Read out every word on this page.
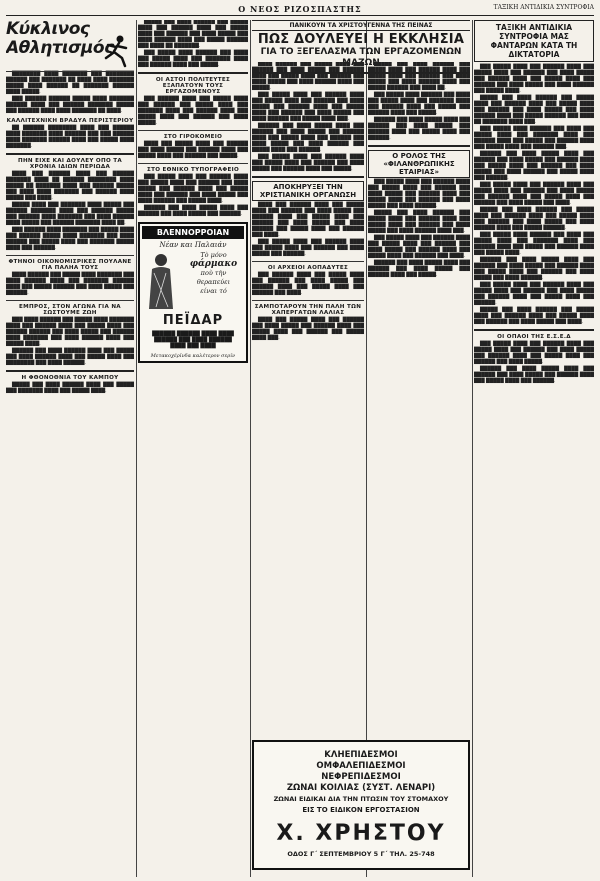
Ο ΝΕΟΣ ΡΙΖΟΣΠΑΣΤΗΣ	ΤΑΞΙΚΗ ΑΝΤΙΔΙΚΙΑ ΣΥΝΤΡΟΦΙΑ
Κύκλινος Αθλητισμός

████████ ████ ███████ ███ ████████ ██████ ███ ███████ ██ ████ ████ ███████ █████ ████ ██████ ██ ███████ ██████ ████ █████.

███ ██████ ██████ █████ ████ ███████ ██████ ████ ███ ██████ ███████ █████ ███ ██████ ████ ████ ███████ ██ ████.

ΚΑΛΛΙΤΕΧΝΙΚΗ ΒΡΑΔΥΑ ΠΕΡΙΣΤΕΡΙΟΥ

██ ██████ ████████ ████ ███ ██████ ████ ███████ ████ ██████ ███ ███ ██████ ████ ███████ ██████ ████ ███ █████ ████ ███████.

ΠΗΝ ΕΙΧΕ ΚΑΙ ΔΟΥΛΕΥ ΟΠΟ ΤΑ ΧΡΟΝΙΑ ΙΔΙΩΝ ΠΕΡΙΩΔΑ

████ ███ ██████ ████ ███ ██████ ███████ ████ ██ ██████ ████████ ████ █████ ██ ███████ ████ ███ ██████ █████ ███ ████ ████ ███████ ███ ██████ ████ █████ ███ ████.

█████ ████ ███ ███████ ████ █████ ███ ██████ ███████ ████ ███ ██████ █████ ███ ██████ ████ ███████ ███ ████ ██████ ████ █████ ███ ██████ ███████ ████ ██.

███ ██████ ████ ███████ ███ █████ ████ ███ ██████ █████ ████ ███████ ███ ████ ██████ ███ █████ ████ ███ ███████ █████ ████ ███ ██████.

ΦΤΗΝΟΙ ΟΙΚΟΝΟΜΙΣΡΙΚΕΣ ΠΟΥΛΑΝΕ ΓΙΑ ΠΑΛΗΑ ΤΟΥΣ

████ ██████ ███ █████ ████ ███████ ███ ████ ██████ ████ ███ ███████ ██████ ████ ███ █████ ██████ ███ ████ █████ ███ ██████.

ΕΜΠΡΟΣ, ΣΤΟΝ ΑΓΩΝΑ ΓΙΑ ΝΑ ΣΩΣΤΟΥΜΕ ΖΩΗ

███ ████ ██████ ███ █████ ████ ███████ ████ ███ ██████ ████ ███ █████ ████ ███ ██████ ██████ ███ ████ █████ ███ ██████ ████ ███████ ███ ████ ██████ ████ ███ █████ ████.

██████ ███ ████ ██████ ████ ███ █████ ███ ████ ██████ ████ ███ █████ ████ ███ ████████ ███ ████ ██████.

Η ΦΘΟΝΟΘΝΙΑ ΤΟΥ ΚΑΜΠΟΥ

█████ ███ ████ ██████ ████ ███ █████ ███ ███████ ████ ███ █████ ████.

█████ ███ ████ ██████ ███ █████ ████ ███ ██████ ████ ███ █████ ████ ███ ██████ ███ ████ █████ ███ ████ ██████ ████ ███ █████ ██████ ███ ████ ██ ███████.

███ █████ ████ ██████ ███ ████ ███ █████ ████ ███ ███████ ████ ███ ██████ ████ ███ █████.

ΟΙ ΑΣΤΟΙ ΠΟΛΙΤΕΥΤΕΣ ΕΞΑΠΑΤΟΥΝ ΤΟΥΣ ΕΡΓΑΖΟΜΕΝΟΥΣ

███ ██████ ████ ███ █████ ████ ███ ██████ ███ █████ ████ ███ ███████ ████ ███ ██████ ████ ███ █████ ████ ███ ██████ ███ ████ █████.

ΣΤΟ ΓΙΡΟΚΟΜΕΙΟ

████ ███ █████ ████ ███ ██████ ███ ████ █████ ███ ██████ ████ ███ █████ ████ ███ ██████ ███ █████.

ΣΤΟ ΕΘΝΙΚΟ ΤΥΠΟΓΡΑΦΕΙΟ

███ █████ ████ ███ ██████ ████ ███ █████ ████ ███ ██████ ███ ████ █████ ███ ██████ ████ ███ █████ ████ ███ ██████ ███ ████ █████ ███ ████ ██████ ███ █████ ████.

██████ ███ ████ █████ ████ ███ ██████ ███ ████ █████ ███ ██████.

ΒΛΕΝΝΟΡΡΟΙΑΝ
Νέαν και Παλαιάν
Τὸ μόνο
φάρμακο
ποὺ τὴν
θεραπεύει
είναι τό
ΠΕΪΔΑΡ
██████ ██████ ████ ████
██████ ███ ████ ██████
████ ███ ████
Μετακοχέρῖνδα καλέτερον σερῖν
ΠΑΝΙΚΟΥΝ ΤΑ ΧΡΙΣΤΟΥΓΕΝΝΑ ΤΗΣ ΠΕΙΝΑΣ
ΠΩΣ ΔΟΥΛΕΥΕΙ Η ΕΚΚΛΗΣΙΑ
ΓΙΑ ΤΟ ΞΕΓΕΛΑΣΜΑ ΤΩΝ ΕΡΓΑΖΟΜΕΝΩΝ ΜΑΖΩΝ

████ ██████ ███ █████ ████ ███ ██████ ███ ████ █████ ███ ██████ ████ ███ █████ ████ ███ ██████ ███ ████ █████ ███ ████ ██████ ████ ███ █████.

███ █████ ████ ███ ██████ ████ ███ █████ ████ ███ ██████ ███ ████ █████ ███ ██████ ████ ███ █████ ████ ███ ██████ ███ ████ █████ ███ ████ ██████ ███ █████ ████ ███.

██████ ███ ████ █████ ████ ███ ██████ ███ ████ █████ ███ ██████ ████ ███ █████ ████ ███ ██████ ███ ████ █████ ███ ████ ██████ ███ █████ ████ ███ ██████.

███ █████ ████ ███ ██████ ████ ███ █████ ████ ███ ██████ ███ ████ █████ ███ ██████ ████ ███ █████.

ΑΠΟΚΗΡΥΞΕΙ ΤΗΝ ΧΡΙΣΤΙΑΝΙΚΗ ΟΡΓΑΝΩΣΗ

████ ███ ██████ ████ ███ █████ ████ ███ ██████ ███ ████ █████ ███ ██████ ████ ███ █████ ████ ███ ██████ ███ ████ █████ ███ ████ ██████ ███ █████ ████ ███ ██████ ███ ████.

███ █████ ████ ███ ██████ ████ ███ █████ ████ ███ ██████ ███ ████ █████ ███ ██████.

ΟΙ ΑΡΧΕΙΟΙ ΑΟΠΑΔΥΤΕΣ

███ ██████ ████ ███ █████ ████ ███ ██████ ███ ████ █████ ███ ██████ ████ ███ █████ ████ ███ ██████ ███ ████.

ΣΑΜΠΟΤΑΡΟΥΝ ΤΗΝ ΠΑΛΗ ΤΩΝ ΧΑΠΕΡΓΑΤΩΝ ΛΑΛΙΑΣ

████ ███ █████ ████ ███ ██████ ███ ████ █████ ███ ██████ ████ ███ █████ ████ ███ ██████ ███ █████ ████ ███.

█████ ███ ████ ██████ ███ █████ ████ ███ ██████ ████ ███ █████ ████ ███ ██████ ███ ████ █████ ███ ████ ██████ ████ ███ █████ ██████ ███ ████ ██.

███ █████ ████ ██████ ███ ████ ███ █████ ████ ███ ███████ ████ ███ ██████ ████ ███ █████ ███ ██████ ████ ███ █████.

██████ ███ ████ █████ ████ ███ ██████ ███ ████ █████ ███ ██████ ████ ███ █████ ████ ███ ██████.

Ο ΡΟΛΟΣ ΤΗΣ «ΦΙΛΑΝΘΡΩΠΙΚΗΣ ΕΤΑΙΡΙΑΣ»

███ █████ ████ ███ ██████ ████ ███ █████ ████ ███ ██████ ███ ████ █████ ███ ██████ ████ ███ █████ ████ ███ ██████ ███ ████ █████ ███ ████ ██████.

█████ ███ ████ ██████ ███ █████ ████ ███ ██████ ████ ███ █████ ████ ███ ██████ ███ ████ █████ ███ ████ ██████ ████ ███.

███ █████ ████ ███ ██████ ████ ███ █████ ████ ███ ██████ ███ ████ █████ ███ ██████ ████ ███ █████ ████ ███ ██████ ███ ████.

██████ ███ ████ █████ ████ ███ ██████ ███ ████ █████ ███ ██████ ████ ███ █████.

ΚΛΗΕΠΙΔΕΣΜΟΙ
ΟΜΦΑΛΕΠΙΔΕΣΜΟΙ
ΝΕΦΡΕΠΙΔΕΣΜΟΙ
ΖΩΝΑΙ ΚΟΙΛΙΑΣ (ΣΥΣΤ. ΛΕΝΑΡΙ)
ΖΩΝΑΙ ΕΙΔΙΚΑΙ ΔΙΑ ΤΗΝ ΠΤΩΣΙΝ ΤΟΥ ΣΤΟΜΑΧΟΥ
ΕΙΣ ΤΟ ΕΙΔΙΚΟΝ ΕΡΓΟΣΤΑΣΙΟΝ
Χ. ΧΡΗΣΤΟΥ
ΟΔΟΣ Γ΄ ΣΕΠΤΕΜΒΡΙΟΥ 5 Γ΄ ΤΗΛ. 25-748
ΤΑΞΙΚΗ ΑΝΤΙΔΙΚΙΑ ΣΥΝΤΡΟΦΙΑ ΜΑΣ ΦΑΝΤΑΡΩΝ ΚΑΤΑ ΤΗ ΔΙΚΤΑΤΟΡΙΑ

███ █████ ████ ███ ██████ ████ ███ █████ ████ ███ ██████ ███ ████ █████ ███ ██████ ████ ███ █████ ████ ███ ██████ ███ ████ █████ ███ ████ ██████ ███ █████ ████.

█████ ███ ████ ██████ ███ █████ ████ ███ ██████ ████ ███ █████ ████ ███ ██████ ███ ████ █████ ███ ████ ██████ ████ ███ █████ ██████ ███ ████ ██ ███████ ████ ███.

███ █████ ████ ██████ ███ ████ ███ █████ ████ ███ ███████ ████ ███ ██████ ████ ███ █████ ███ ██████ ████ ███ █████ ████ ███ ██████ ███.

██████ ███ ████ █████ ████ ███ ██████ ███ ████ █████ ███ ██████ ████ ███ █████ ████ ███ ██████ ███ ████ █████ ███ ████ ██████ ███ █████ ████ ███ ██████.

███ █████ ████ ███ ██████ ████ ███ █████ ████ ███ ██████ ███ ████ █████ ███ ██████ ████ ███ █████ ████ ███ ██████ ███ ████ █████ ███ ████.

█████ ███ ████ ██████ ███ █████ ████ ███ ██████ ████ ███ █████ ████ ███ ██████ ███ ████ █████ ███ ████ ██████ ████ ███ █████ ██████.

███ █████ ████ ██████ ███ ████ ███ █████ ████ ███ ███████ ████ ███ ██████ ████ ███ █████ ███ ██████ ████ ███ █████ ████.

██████ ███ ████ █████ ████ ███ ██████ ███ ████ █████ ███ ██████ ████ ███ █████ ████ ███ ██████ ███ ████ █████ ███ ████ ██████.

███ █████ ████ ███ ██████ ████ ███ █████ ████ ███ ██████ ███ ████ █████ ███ ██████ ████ ███ █████ ████ ███ ██████.

█████ ███ ████ ██████ ███ █████ ████ ███ ██████ ████ ███ █████ ████ ███ ██████ ███ ████ █████ ███ ████.

ΟΙ ΟΠΑΟΙ ΤΗΣ Ε.Σ.Ε.Δ

███ █████ ████ ███ ██████ ████ ███ █████ ████ ███ ██████ ███ ████ █████ ███ ██████ ████ ███ █████ ████ ███ ██████ ███ ████ █████.

██████ ███ ████ █████ ████ ███ ██████ ███ ████ █████ ███ ██████ ████ ███ █████ ████ ███ ██████.
